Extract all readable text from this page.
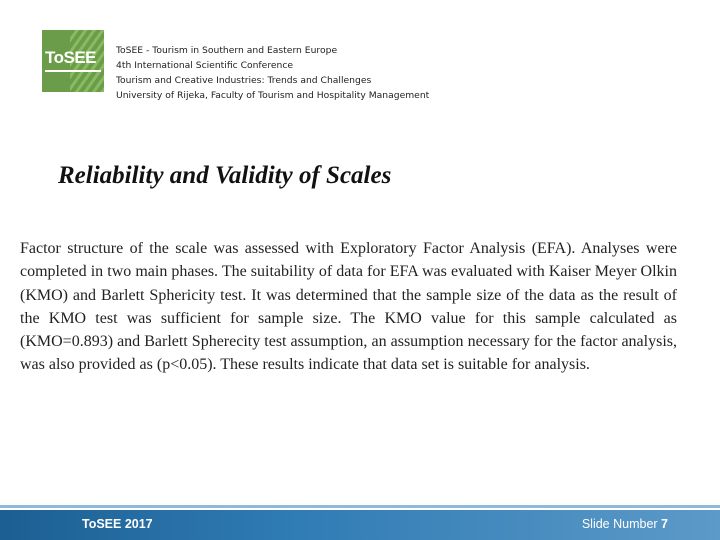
ToSEE ToSEE - Tourism in Southern and Eastern Europe
4th International Scientific Conference
Tourism and Creative Industries: Trends and Challenges
University of Rijeka, Faculty of Tourism and Hospitality Management
Reliability and Validity of Scales

Factor structure of the scale was assessed with Exploratory Factor Analysis (EFA). Analyses were completed in two main phases. The suitability of data for EFA was evaluated with Kaiser Meyer Olkin (KMO) and Barlett Sphericity test. It was determined that the sample size of the data as the result of the KMO test was sufficient for sample size. The KMO value for this sample calculated as (KMO=0.893) and Barlett Spherecity test assumption, an assumption necessary for the factor analysis, was also provided as (p<0.05). These results indicate that data set is suitable for analysis.

ToSEE 2017	Slide Number 7
